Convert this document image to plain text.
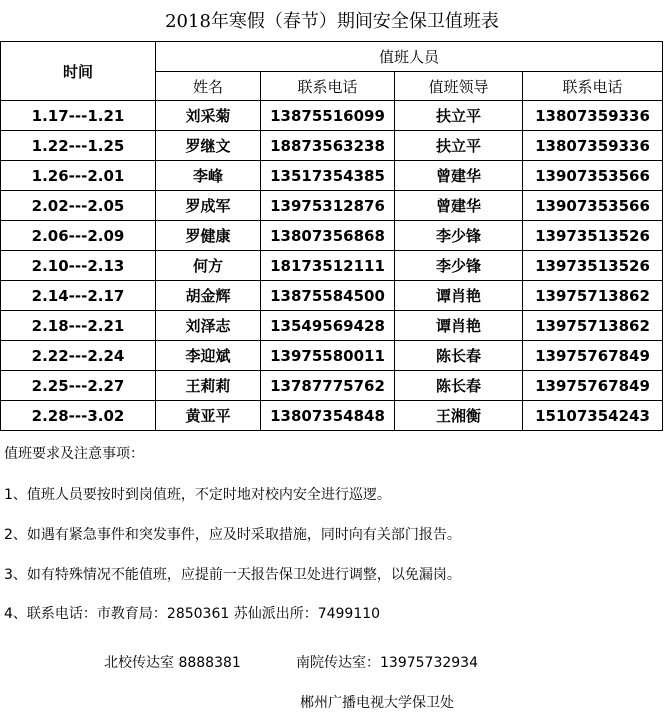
2018年寒假（春节）期间安全保卫值班表
时间	值班人员			
	姓名	联系电话	值班领导	联系电话
1.17---1.21	刘采菊	13875516099	扶立平	13807359336
1.22---1.25	罗继文	18873563238	扶立平	13807359336
1.26---2.01	李峰	13517354385	曾建华	13907353566
2.02---2.05	罗成军	13975312876	曾建华	13907353566
2.06---2.09	罗健康	13807356868	李少锋	13973513526
2.10---2.13	何方	18173512111	李少锋	13973513526
2.14---2.17	胡金辉	13875584500	谭肖艳	13975713862
2.18---2.21	刘泽志	13549569428	谭肖艳	13975713862
2.22---2.24	李迎斌	13975580011	陈长春	13975767849
2.25---2.27	王莉莉	13787775762	陈长春	13975767849
2.28---3.02	黄亚平	13807354848	王湘衡	15107354243
值班要求及注意事项：
1、值班人员要按时到岗值班，不定时地对校内安全进行巡逻。
2、如遇有紧急事件和突发事件，应及时采取措施，同时向有关部门报告。
3、如有特殊情况不能值班，应提前一天报告保卫处进行调整，以免漏岗。
4、联系电话：市教育局：2850361 苏仙派出所：7499110
北校传达室 8888381	南院传达室：13975732934
郴州广播电视大学保卫处
